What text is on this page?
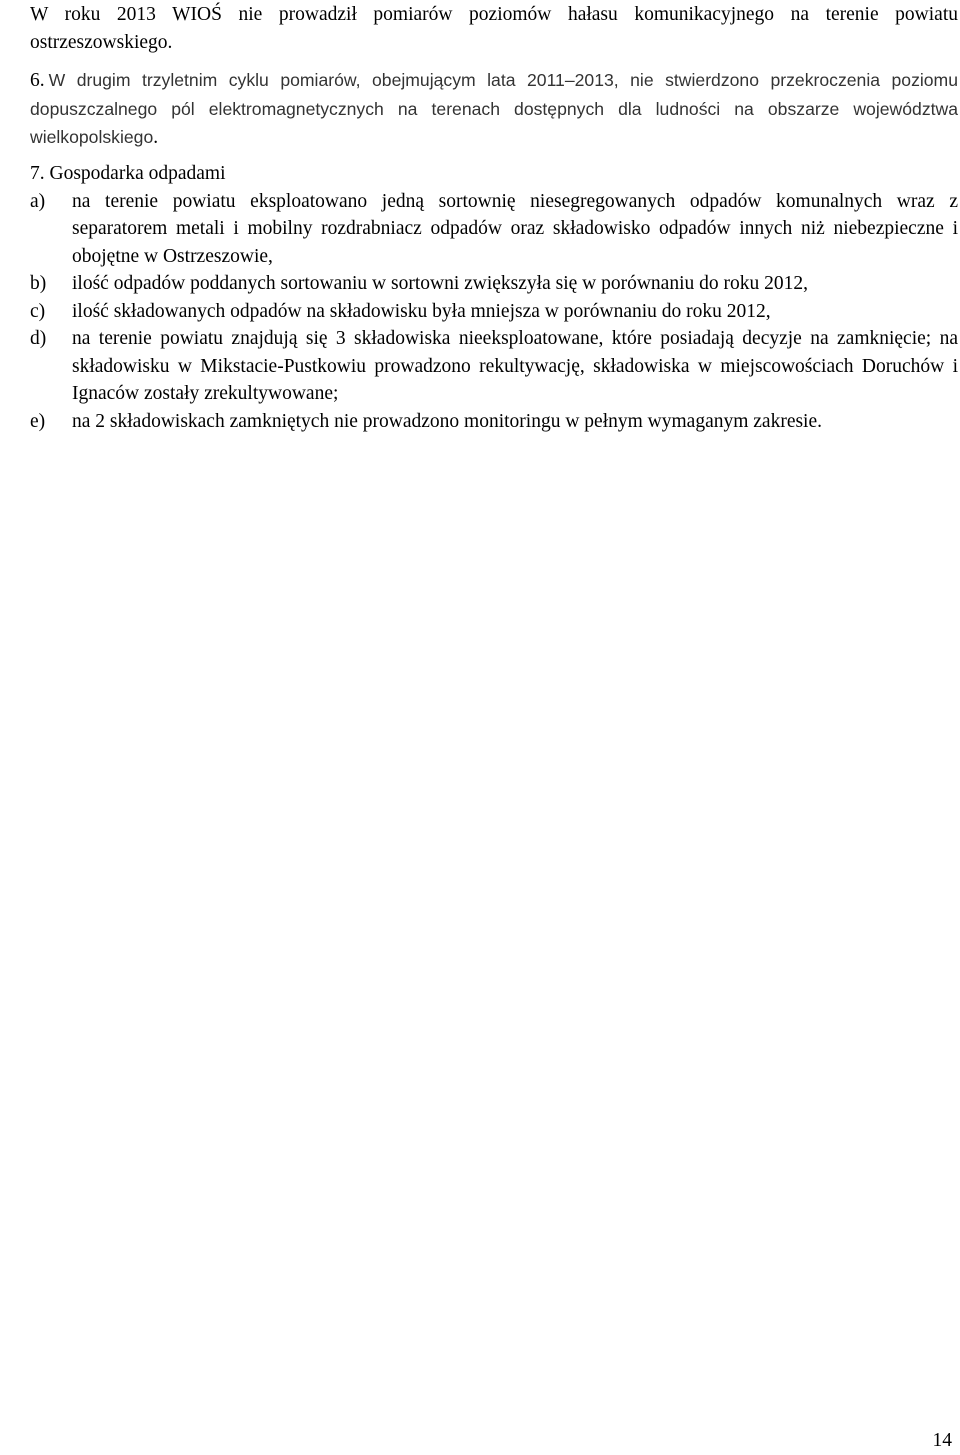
W roku 2013 WIOŚ nie prowadził pomiarów poziomów hałasu komunikacyjnego na terenie powiatu ostrzeszowskiego.

6. W drugim trzyletnim cyklu pomiarów, obejmującym lata 2011–2013, nie stwierdzono przekroczenia poziomu dopuszczalnego pól elektromagnetycznych na terenach dostępnych dla ludności na obszarze województwa wielkopolskiego.

7. Gospodarka odpadami
a)	na terenie powiatu eksploatowano jedną sortownię niesegregowanych odpadów komunalnych wraz z separatorem metali i mobilny rozdrabniacz odpadów oraz składowisko odpadów innych niż niebezpieczne i obojętne w Ostrzeszowie,
b)	ilość odpadów poddanych sortowaniu w sortowni zwiększyła się w porównaniu do roku 2012,
c)	ilość składowanych odpadów na składowisku była mniejsza w porównaniu do roku 2012,
d)	na terenie powiatu znajdują się 3 składowiska nieeksploatowane, które posiadają decyzje na zamknięcie; na składowisku w Mikstacie-Pustkowiu prowadzono rekultywację, składowiska w miejscowościach Doruchów i Ignaców zostały zrekultywowane;
e)	na 2 składowiskach zamkniętych nie prowadzono monitoringu w pełnym wymaganym zakresie.
14
